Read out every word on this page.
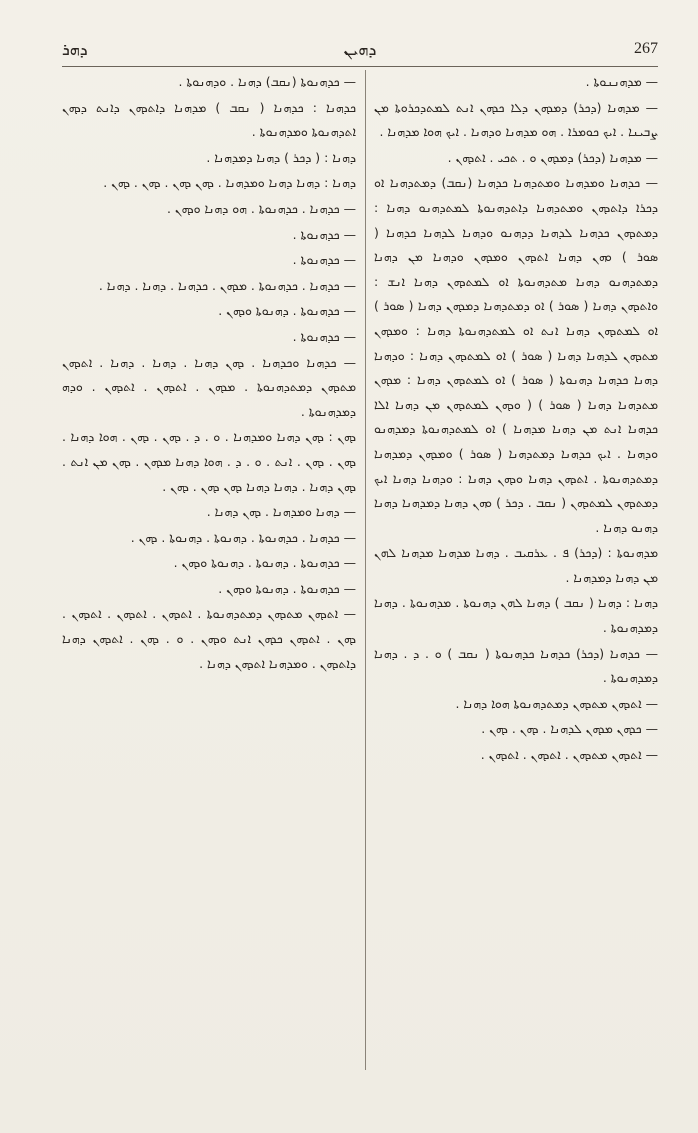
ܕܗܪ	ܕܗܝܢ	267

— ܡܕܗܢܢܘܬܐ .

— ܡܕܗܢܐ (ܕܟܪ) ܕܡܕܗܢ ܕܠܐ ܟܕܗܢ ܐܢܬ ܠܡܬܕܟܪܘܬܐ ܡܢ ܨܒܝܢܐ . ܐܝܟ ܟܘܡܪܐ . ܗܘ ܡܕܗܢܐ ܘܕܗܢܐ . ܐܝܟ ܗܘܐ ܡܕܗܢܐ .

— ܡܕܗܢܐ (ܕܟܪ) ܕܡܕܗܢ ܘ . ܬܟܝ . ܐܬܕܗܢ .

— ܟܕܗܢܐ ܘܡܕܗܢܐ ܘܡܬܕܗܢܐ ܟܕܗܢܐ (ܢܩܒ) ܕܡܬܕܗܢܐ ܐܘ ܕܟܪܐ ܕܐܬܕܗܢ ܘܡܬܕܗܢܐ ܕܐܬܕܗܢܘܬܐ ܠܡܬܕܗܢܘ ܕܗܢܐ : ܕܡܬܕܗܢ ܟܕܗܢܐ ܠܕܗܢܐ ܕܕܗܢܘ ܘܕܗܢܐ ܠܕܗܢܐ ܟܕܗܢܐ ( ܣܘܪ ) ܘܗܢ ܕܗܢܐ ܐܬܕܗܢ ܘܡܕܗܢ ܘܕܗܢܐ ܡܢ ܕܗܢܐ ܕܡܬܕܗܢܘ ܕܗܢܐ ܡܬܕܗܢܘܬܐ ܐܘ ܠܡܬܕܗܢ ܕܗܢܐ ܐܢܫ : ܘܐܬܕܗܢ ܕܗܢܐ ( ܣܘܪ ) ܐܘ ܕܡܬܕܗܢܐ ܕܡܕܗܢ ܕܗܢܐ ( ܣܘܪ ) ܐܘ ܠܡܬܕܗܢ ܕܗܢܐ ܐܢܬ ܐܘ ܠܡܬܕܗܢܘܬܐ ܕܗܢܐ : ܘܡܕܗܢ ܡܬܕܗܢ ܠܕܗܢܐ ܕܗܢܐ ( ܣܘܪ ) ܐܘ ܠܡܬܕܗܢ ܕܗܢܐ : ܘܕܗܢܐ ܕܗܢܐ ܟܕܗܢܐ ܕܗܢܘܬܐ ( ܣܘܪ ) ܐܘ ܠܡܬܕܗܢ ܕܗܢܐ : ܡܕܗܢ ܡܬܕܗܢܐ ܕܗܢܐ ( ܣܘܪ ) ( ܘܕܗܢ ܠܡܬܕܗܢ ܡܢ ܕܗܢܐ ܐܠܐ ܟܕܗܢܐ ܐܢܬ ܡܢ ܕܗܢܐ ܡܕܗܢܐ ) ܐܘ ܠܡܬܕܗܢܘܬܐ ܕܡܕܗܢܘ ܘܕܗܢܐ . ܐܝܟ ܟܕܗܢܐ ܕܡܬܕܗܢܐ ( ܣܘܪ ) ܘܡܕܗܢ ܕܡܕܗܢܐ ܕܡܬܕܗܢܘܬܐ . ܐܬܕܗܢ ܕܗܢܐ ܘܕܗܢ ܕܗܢܐ : ܘܕܗܢܐ ܕܗܢܐ ܐܝܟ ܕܡܬܕܗܢ ܠܡܬܕܗܢ ( ܢܩܒ . ܕܟܪ ) ܘܗܢ ܕܗܢܐ ܕܡܕܗܢܐ ܕܗܢܐ ܕܗܢܘ ܕܗܢܐ .

ܡܕܗܢܘܬܐ : (ܕܟܪ) ܦ . ܥܪܩܝܒ . ܕܗܢܐ ܡܕܗܢܐ ܡܕܗܢܐ ܠܗܢ ܡܢ ܕܗܢܐ ܕܡܕܗܢܐ .

ܕܗܢܐ : ܕܗܢܐ ( ܢܩܒ ) ܕܗܢܐ ܠܗܢ ܕܗܢܘܬܐ . ܡܕܗܢܘܬܐ . ܕܗܢܐ ܕܡܕܗܢܘܬܐ .

— ܟܕܗܢܐ (ܕܟܪ) ܟܕܗܢܐ ܟܕܗܢܘܬܐ ( ܢܩܒ ) ܘ . ܕ . ܕܗܢܐ ܕܡܕܗܢܘܬܐ .

— ܐܬܕܗܢ ܡܬܕܗܢ ܕܡܬܕܗܢܘܬܐ ܗܘܐ ܕܗܢܐ .

— ܟܕܗܢ ܡܕܗܢ ܠܕܗܢܐ . ܕܗܢ . ܕܗܢ .

— ܐܬܕܗܢ ܡܬܕܗܢ . ܐܬܕܗܢ . ܐܬܕܗܢ .

— ܟܕܗܢܘܬܐ (ܢܩܒ) ܕܗܢܐ . ܘܕܗܢܘܬܐ .

ܟܕܗܢܐ : ܟܕܗܢܐ ( ܢܩܒ ) ܡܕܗܢܐ ܕܐܬܕܗܢ ܕܐܢܬ ܕܕܗܢ ܐܬܕܗܢܘܬܐ ܘܡܕܗܢܘܬܐ .

ܕܗܢܐ : ( ܕܟܪ ) ܕܗܢܐ ܕܡܕܗܢܐ .

ܕܗܢܐ : ܕܗܢܐ ܕܗܢܐ ܘܡܕܗܢܐ . ܕܗܢ ܕܗܢ . ܕܗܢ . ܕܗܢ .

— ܟܕܗܢܐ . ܟܕܗܢܘܬܐ . ܗܘ ܕܗܢܐ ܘܕܗܢ .

— ܟܕܗܢܘܬܐ .

— ܟܕܗܢܘܬܐ .

— ܟܕܗܢܐ . ܟܕܗܢܘܬܐ . ܡܕܗܢ . ܟܕܗܢܐ . ܕܗܢܐ . ܕܗܢܐ .

— ܟܕܗܢܘܬܐ . ܕܗܢܘܬܐ ܘܕܗܢ .

— ܟܕܗܢܘܬܐ .

— ܟܕܗܢܐ ܘܟܕܗܢܐ . ܕܗܢ ܕܗܢܐ . ܕܗܢܐ . ܕܗܢܐ . ܐܬܕܗܢ ܡܬܕܗܢ ܕܡܬܕܗܢܘܬܐ . ܡܕܗܢ . ܐܬܕܗܢ . ܐܬܕܗܢ . ܘܕܗ ܕܡܕܗܢܘܬܐ .

ܕܗܢ : ܕܗܢ ܕܗܢܐ ܘܡܕܗܢܐ . ܘ . ܕ . ܕܗܢ . ܕܗܢ . ܗܘܐ ܕܗܢܐ . ܕܗܢ . ܕܗܢ . ܐܢܬ . ܘ . ܕ . ܗܘܐ ܕܗܢܐ ܡܕܗܢ . ܕܗܢ ܡܢ ܐܢܬ . ܕܗܢ ܕܗܢܐ . ܕܗܢܐ ܕܗܢܐ ܕܗܢ ܕܗܢ . ܕܗܢ .

— ܕܗܢܐ ܘܡܕܗܢܐ . ܕܗܢ ܕܗܢܐ .

— ܟܕܗܢܐ . ܟܕܗܢܘܬܐ . ܕܗܢܘܬܐ . ܕܗܢܘܬܐ . ܕܗܢ .

— ܟܕܗܢܘܬܐ . ܕܗܢܘܬܐ . ܕܗܢܘܬܐ ܘܕܗܢ .

— ܟܕܗܢܘܬܐ . ܕܗܢܘܬܐ ܘܕܗܢ .

— ܐܬܕܗܢ ܡܬܕܗܢ ܕܡܬܕܗܢܘܬܐ . ܐܬܕܗܢ . ܐܬܕܗܢ . ܐܬܕܗܢ . ܕܗܢ . ܐܬܕܗܢ ܟܕܗܢ ܐܢܬ ܘܕܗܢ . ܘ . ܕܗܢ . ܐܬܕܗܢ ܕܗܢܐ ܕܐܬܕܗܢ . ܘܡܕܗܢܐ ܐܬܕܗܢ ܕܗܢܐ .
